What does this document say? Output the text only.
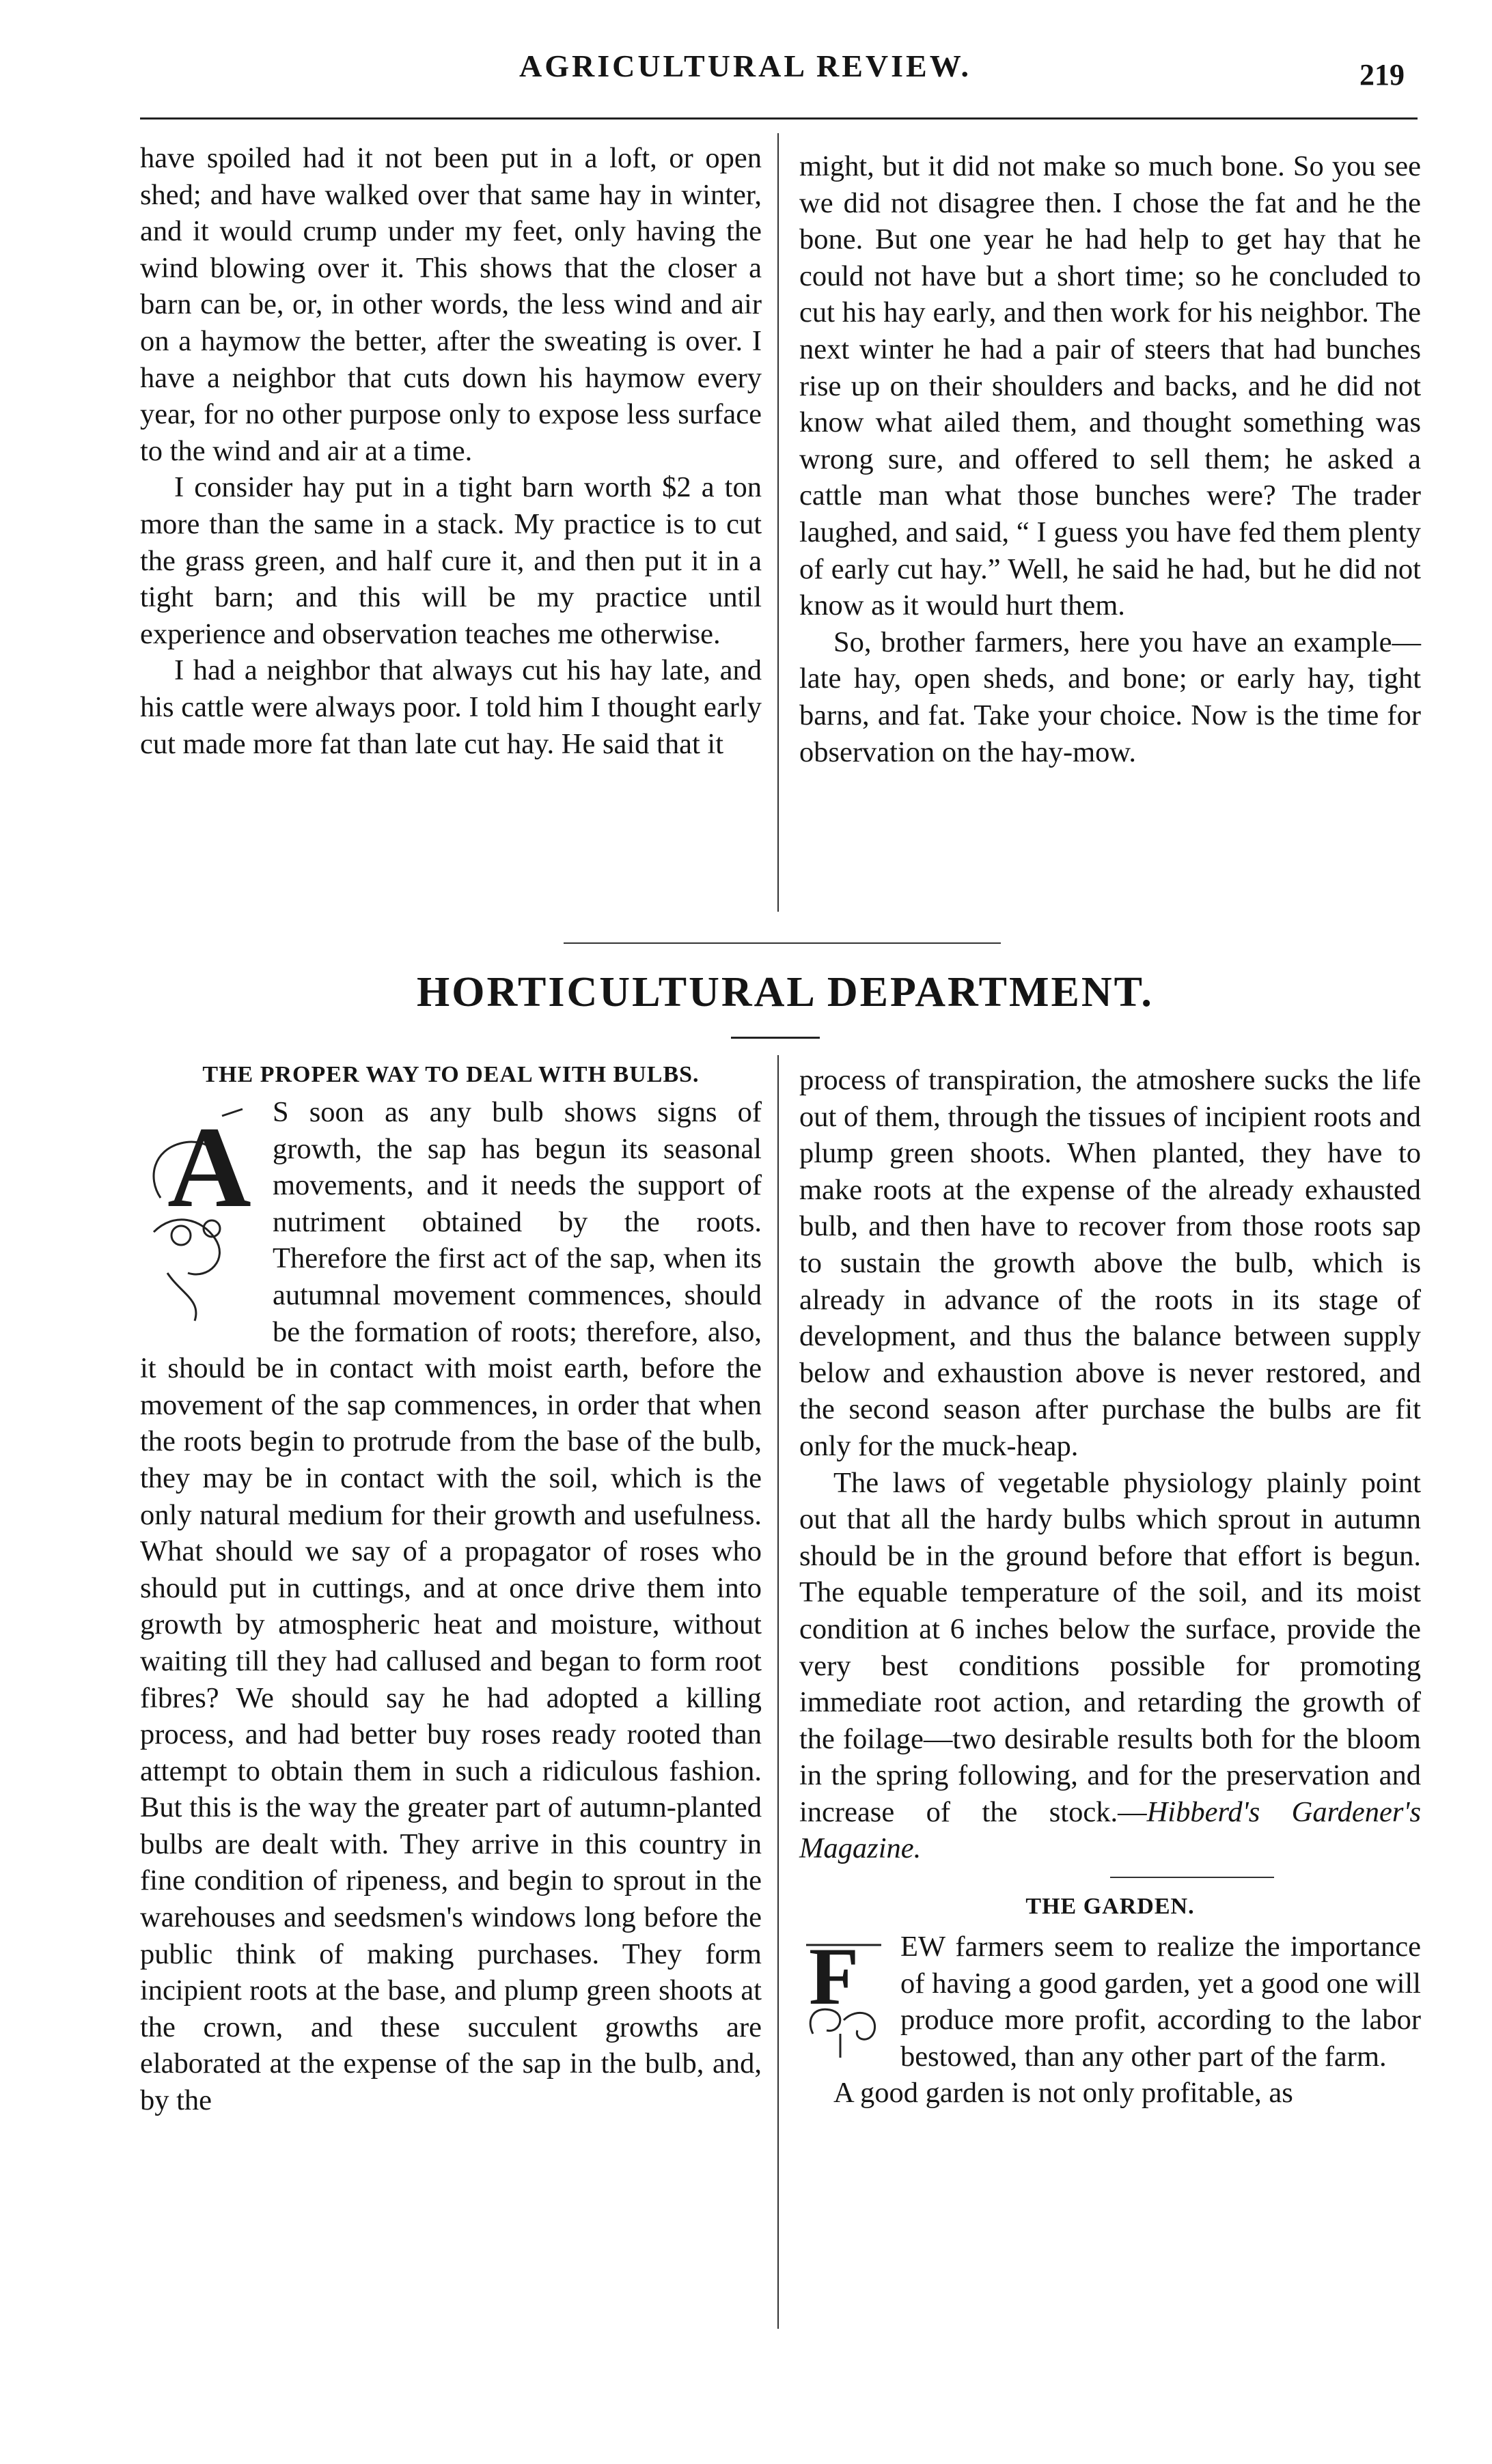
AGRICULTURAL REVIEW.	219

have spoiled had it not been put in a loft, or open shed; and have walked over that same hay in winter, and it would crump under my feet, only having the wind blowing over it. This shows that the closer a barn can be, or, in other words, the less wind and air on a haymow the better, after the sweating is over. I have a neighbor that cuts down his haymow every year, for no other purpose only to expose less surface to the wind and air at a time.

I consider hay put in a tight barn worth $2 a ton more than the same in a stack. My practice is to cut the grass green, and half cure it, and then put it in a tight barn; and this will be my practice until experience and observation teaches me otherwise.

I had a neighbor that always cut his hay late, and his cattle were always poor. I told him I thought early cut made more fat than late cut hay. He said that it

might, but it did not make so much bone. So you see we did not disagree then. I chose the fat and he the bone. But one year he had help to get hay that he could not have but a short time; so he concluded to cut his hay early, and then work for his neighbor. The next winter he had a pair of steers that had bunches rise up on their shoulders and backs, and he did not know what ailed them, and thought something was wrong sure, and offered to sell them; he asked a cattle man what those bunches were? The trader laughed, and said, “ I guess you have fed them plenty of early cut hay.” Well, he said he had, but he did not know as it would hurt them.

So, brother farmers, here you have an example—late hay, open sheds, and bone; or early hay, tight barns, and fat. Take your choice. Now is the time for observation on the hay-mow.

HORTICULTURAL DEPARTMENT.
THE PROPER WAY TO DEAL WITH BULBS.
A S soon as any bulb shows signs of growth, the sap has begun its seasonal movements, and it needs the support of nutriment obtained by the roots. Therefore the first act of the sap, when its autumnal movement commences, should be the formation of roots; therefore, also, it should be in contact with moist earth, before the movement of the sap commences, in order that when the roots begin to protrude from the base of the bulb, they may be in contact with the soil, which is the only natural medium for their growth and usefulness. What should we say of a propagator of roses who should put in cuttings, and at once drive them into growth by atmospheric heat and moisture, without waiting till they had callused and began to form root fibres? We should say he had adopted a killing process, and had better buy roses ready rooted than attempt to obtain them in such a ridiculous fashion. But this is the way the greater part of autumn-planted bulbs are dealt with. They arrive in this country in fine condition of ripeness, and begin to sprout in the warehouses and seedsmen's windows long before the public think of making purchases. They form incipient roots at the base, and plump green shoots at the crown, and these succulent growths are elaborated at the expense of the sap in the bulb, and, by the

process of transpiration, the atmoshere sucks the life out of them, through the tissues of incipient roots and plump green shoots. When planted, they have to make roots at the expense of the already exhausted bulb, and then have to recover from those roots sap to sustain the growth above the bulb, which is already in advance of the roots in its stage of development, and thus the balance between supply below and exhaustion above is never restored, and the second season after purchase the bulbs are fit only for the muck-heap.

The laws of vegetable physiology plainly point out that all the hardy bulbs which sprout in autumn should be in the ground before that effort is begun. The equable temperature of the soil, and its moist condition at 6 inches below the surface, provide the very best conditions possible for promoting immediate root action, and retarding the growth of the foilage—two desirable results both for the bloom in the spring following, and for the preservation and increase of the stock.—Hibberd's Gardener's Magazine.

THE GARDEN.
F	EW farmers seem to realize the importance of having a good garden, yet a good one will produce more profit, according to the labor bestowed, than any other part of the farm.

A good garden is not only profitable, as
